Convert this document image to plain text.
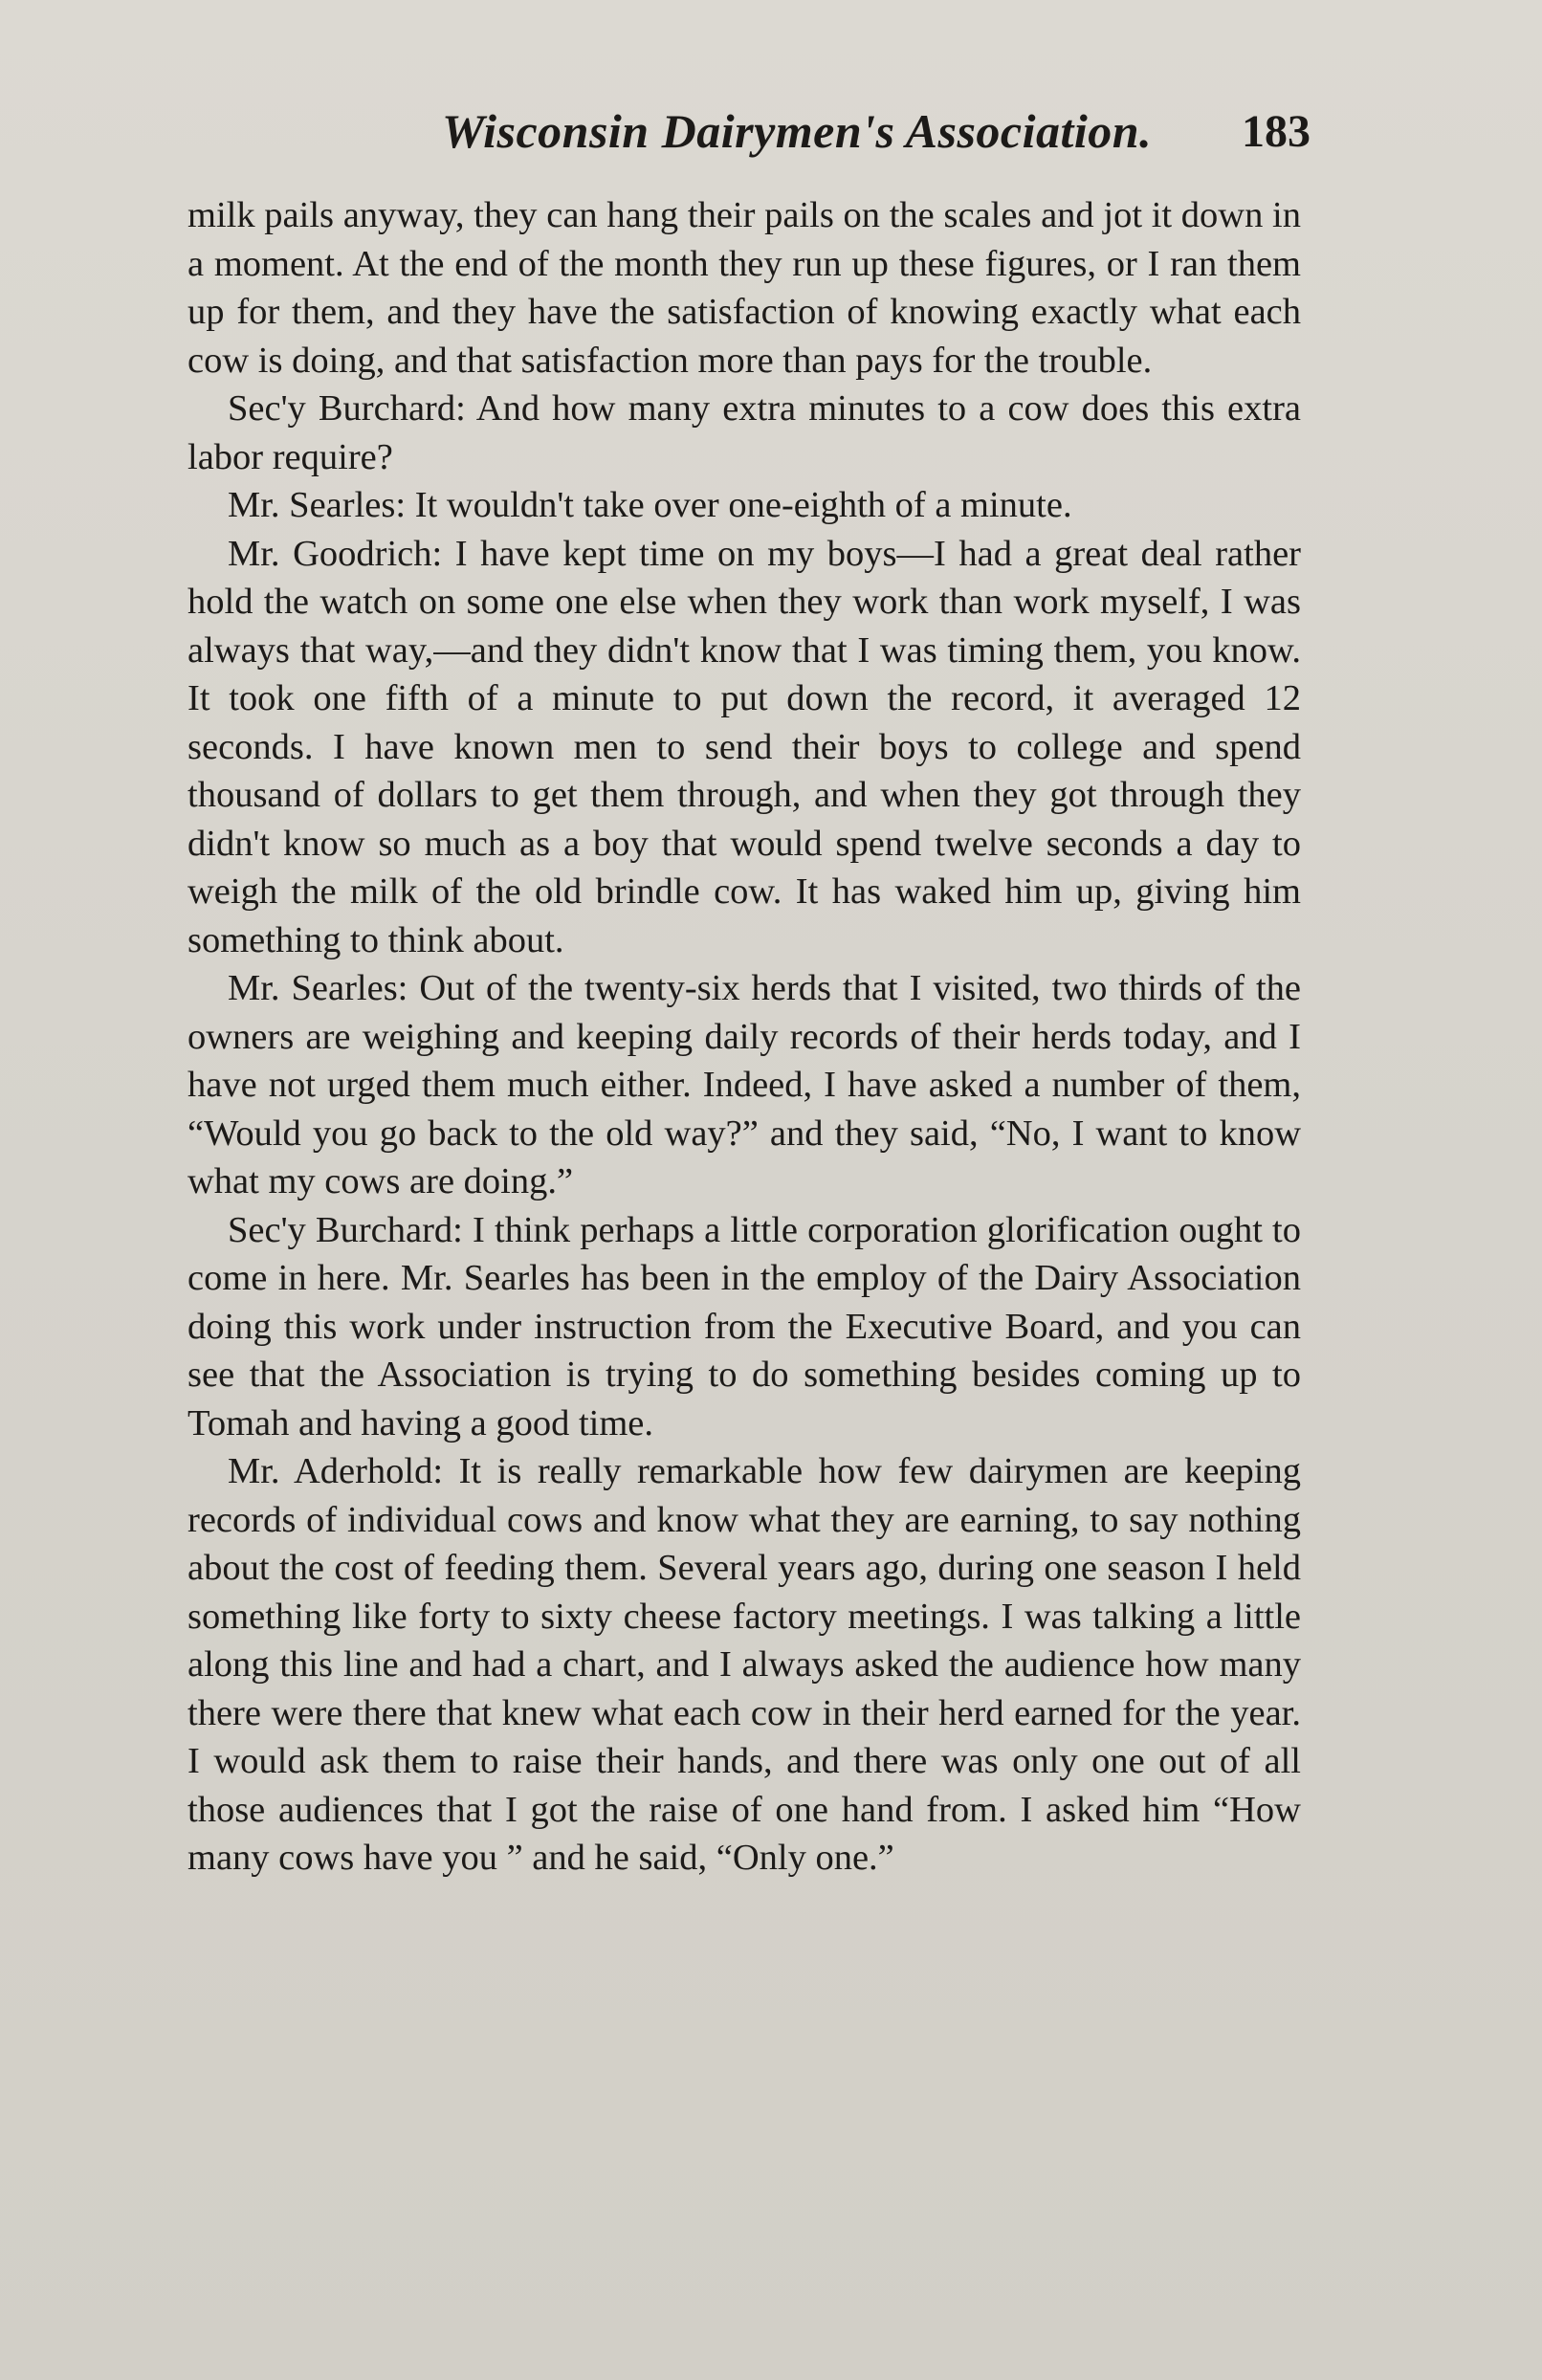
Wisconsin Dairymen's Association. 183

milk pails anyway, they can hang their pails on the scales and jot it down in a moment. At the end of the month they run up these figures, or I ran them up for them, and they have the satisfaction of knowing exactly what each cow is doing, and that satisfaction more than pays for the trouble.

Sec'y Burchard: And how many extra minutes to a cow does this extra labor require?

Mr. Searles: It wouldn't take over one-eighth of a minute.

Mr. Goodrich: I have kept time on my boys—I had a great deal rather hold the watch on some one else when they work than work myself, I was always that way,—and they didn't know that I was timing them, you know. It took one fifth of a minute to put down the record, it averaged 12 seconds. I have known men to send their boys to college and spend thousand of dollars to get them through, and when they got through they didn't know so much as a boy that would spend twelve seconds a day to weigh the milk of the old brindle cow. It has waked him up, giving him something to think about.

Mr. Searles: Out of the twenty-six herds that I visited, two thirds of the owners are weighing and keeping daily records of their herds today, and I have not urged them much either. Indeed, I have asked a number of them, “Would you go back to the old way?” and they said, “No, I want to know what my cows are doing.”

Sec'y Burchard: I think perhaps a little corporation glorification ought to come in here. Mr. Searles has been in the employ of the Dairy Association doing this work under instruction from the Executive Board, and you can see that the Association is trying to do something besides coming up to Tomah and having a good time.

Mr. Aderhold: It is really remarkable how few dairymen are keeping records of individual cows and know what they are earning, to say nothing about the cost of feeding them. Several years ago, during one season I held something like forty to sixty cheese factory meetings. I was talking a little along this line and had a chart, and I always asked the audience how many there were there that knew what each cow in their herd earned for the year. I would ask them to raise their hands, and there was only one out of all those audiences that I got the raise of one hand from. I asked him “How many cows have you ” and he said, “Only one.”
